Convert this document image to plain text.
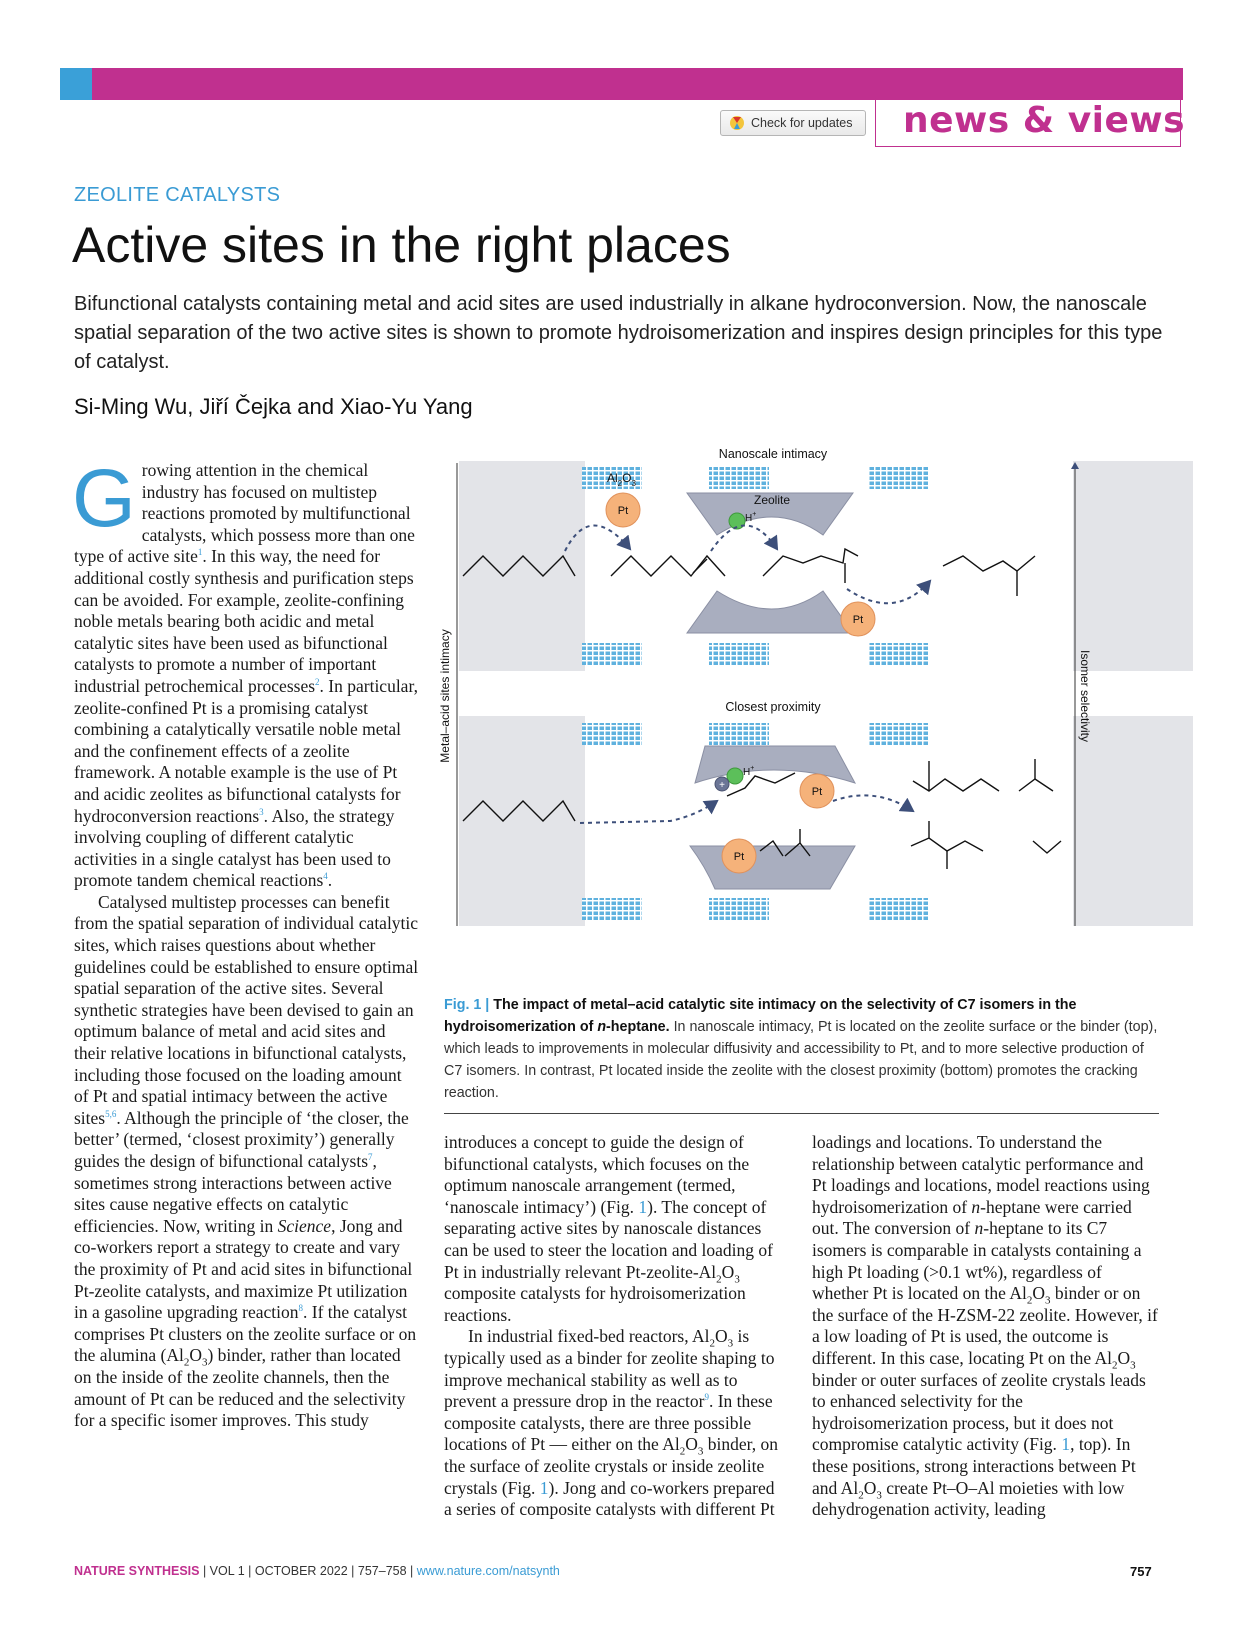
news & views
Check for updates
ZEOLITE CATALYSTS
Active sites in the right places
Bifunctional catalysts containing metal and acid sites are used industrially in alkane hydroconversion. Now, the nanoscale spatial separation of the two active sites is shown to promote hydroisomerization and inspires design principles for this type of catalyst.
Si-Ming Wu, Jiří Čejka and Xiao-Yu Yang

Growing attention in the chemical industry has focused on multistep reactions promoted by multifunctional catalysts, which possess more than one type of active site$^1$. In this way, the need for additional costly synthesis and purification steps can be avoided. For example, zeolite-confining noble metals bearing both acidic and metal catalytic sites have been used as bifunctional catalysts to promote a number of important industrial petrochemical processes$^2$. In particular, zeolite-confined Pt is a promising catalyst combining a catalytically versatile noble metal and the confinement effects of a zeolite framework. A notable example is the use of Pt and acidic zeolites as bifunctional catalysts for hydroconversion reactions$^3$. Also, the strategy involving coupling of different catalytic activities in a single catalyst has been used to promote tandem chemical reactions$^4$.

Catalysed multistep processes can benefit from the spatial separation of individual catalytic sites, which raises questions about whether guidelines could be established to ensure optimal spatial separation of the active sites. Several synthetic strategies have been devised to gain an optimum balance of metal and acid sites and their relative locations in bifunctional catalysts, including those focused on the loading amount of Pt and spatial intimacy between the active sites$^{5,6}$. Although the principle of ‘the closer, the better’ (termed, ‘closest proximity’) generally guides the design of bifunctional catalysts$^7$, sometimes strong interactions between active sites cause negative effects on catalytic efficiencies. Now, writing in Science, Jong and co-workers report a strategy to create and vary the proximity of Pt and acid sites in bifunctional Pt-zeolite catalysts, and maximize Pt utilization in a gasoline upgrading reaction$^8$. If the catalyst comprises Pt clusters on the zeolite surface or on the alumina $(Al_2O_3)$ binder, rather than located on the inside of the zeolite channels, then the amount of Pt can be reduced and the selectivity for a specific isomer improves. This study

Nanoscale intimacy
Closest proximity
Metal–acid sites intimacy	Isomer selectivity
$Al_2O_3$
Zeolite
Pt
Pt
Pt
Pt
H+
H+
+
Fig. 1 | The impact of metal–acid catalytic site intimacy on the selectivity of C7 isomers in the hydroisomerization of n-heptane. In nanoscale intimacy, Pt is located on the zeolite surface or the binder (top), which leads to improvements in molecular diffusivity and accessibility to Pt, and to more selective production of C7 isomers. In contrast, Pt located inside the zeolite with the closest proximity (bottom) promotes the cracking reaction.

introduces a concept to guide the design of bifunctional catalysts, which focuses on the optimum nanoscale arrangement (termed, ‘nanoscale intimacy’) (Fig. 1). The concept of separating active sites by nanoscale distances can be used to steer the location and loading of Pt in industrially relevant $Pt-zeolite-Al_2O_3$ composite catalysts for hydroisomerization reactions.

In industrial fixed-bed reactors, $Al_2O_3$ is typically used as a binder for zeolite shaping to improve mechanical stability as well as to prevent a pressure drop in the reactor$^9$. In these composite catalysts, there are three possible locations of Pt — either on the $Al_2O_3$ binder, on the surface of zeolite crystals or inside zeolite crystals (Fig. 1). Jong and co-workers prepared a series of composite catalysts with different Pt

loadings and locations. To understand the relationship between catalytic performance and Pt loadings and locations, model reactions using hydroisomerization of n-heptane were carried out. The conversion of n-heptane to its C7 isomers is comparable in catalysts containing a high Pt loading (>0.1 wt%), regardless of whether Pt is located on the $Al_2O_3$ binder or on the surface of the H-ZSM-22 zeolite. However, if a low loading of Pt is used, the outcome is different. In this case, locating Pt on the $Al_2O_3$ binder or outer surfaces of zeolite crystals leads to enhanced selectivity for the hydroisomerization process, but it does not compromise catalytic activity (Fig. 1, top). In these positions, strong interactions between Pt and $Al_2O_3$ create Pt–O–Al moieties with low dehydrogenation activity, leading

NATURE SYNTHESIS | VOL 1 | OCTOBER 2022 | 757–758 | www.nature.com/natsynth	757
